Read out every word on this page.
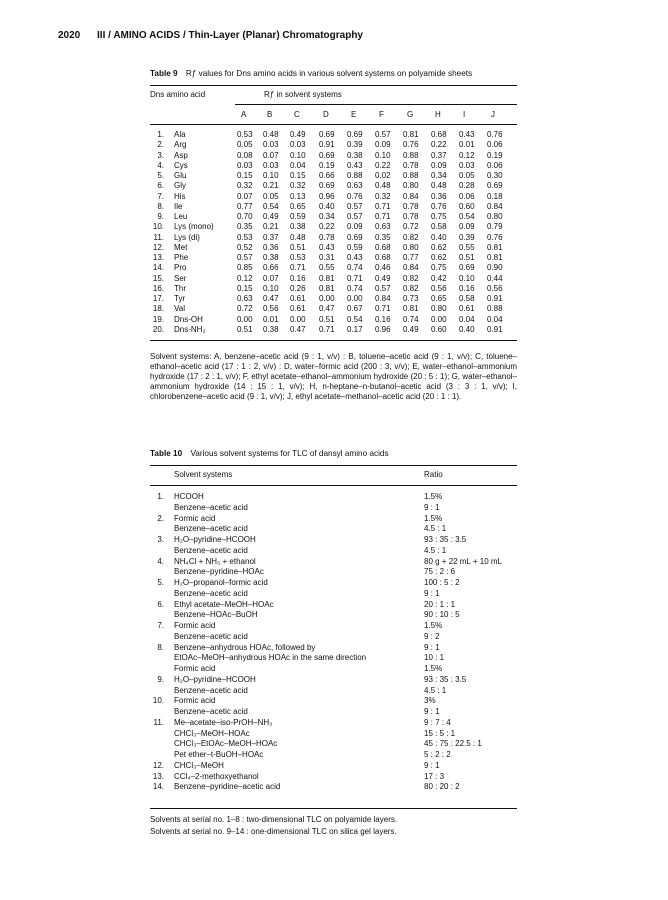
2020 III / AMINO ACIDS / Thin-Layer (Planar) Chromatography
Table 9 Rƒ values for Dns amino acids in various solvent systems on polyamide sheets
Dns amino acid	Rƒ in solvent systems
A	B	C	D	E	F	G	H	I	J
1. Ala	0.53 0.48 0.49 0.69 0.69 0.57 0.81 0.68 0.43 0.76
2. Arg	0.05 0.03 0.03 0.91 0.39 0.09 0.76 0.22 0.01 0.06
3. Asp	0.08 0.07 0.10 0.69 0.38 0.10 0.88 0.37 0.12 0.19
4. Cys	0.03 0.03 0.04 0.19 0.43 0.22 0.78 0.09 0.03 0.06
5. Glu	0.15 0.10 0.15 0.66 0.88 0.02 0.88 0.34 0.05 0.30
6. Gly	0.32 0.21 0.32 0.69 0.63 0.48 0.80 0.48 0.28 0.69
7. His	0.07 0.05 0.13 0.96 0.76 0.32 0.84 0.36 0.06 0.18
8. Ile	0.77 0.54 0.65 0.40 0.57 0.71 0.78 0.76 0.60 0.84
9. Leu	0.70 0.49 0.59 0.34 0.57 0.71 0.78 0.75 0.54 0.80
10. Lys (mono)	0.35 0.21 0.38 0.22 0.09 0.63 0.72 0.58 0.09 0.79
11. Lys (di)	0.53 0.37 0.48 0.78 0.69 0.35 0.82 0.40 0.39 0.76
12. Met	0.52 0.36 0.51 0.43 0.59 0.68 0.80 0.62 0.55 0.81
13. Phe	0.57 0.38 0.53 0.31 0.43 0.68 0.77 0.62 0.51 0.81
14. Pro	0.85 0.66 0.71 0.55 0.74 0.46 0.84 0.75 0.69 0.90
15. Ser	0.12 0.07 0.16 0.81 0.71 0.49 0.82 0.42 0.10 0.44
16. Thr	0.15 0.10 0.26 0.81 0.74 0.57 0.82 0.56 0.16 0.56
17. Tyr	0.63 0.47 0.61 0.00 0.00 0.84 0.73 0.65 0.58 0.91
18. Val	0.72 0.56 0.61 0.47 0.67 0.71 0.81 0.80 0.61 0.88
19. Dns-OH	0.00 0.01 0.00 0.51 0.54 0.16 0.74 0.00 0.04 0.04
20. Dns-NH₂	0.51 0.38 0.47 0.71 0.17 0.96 0.49 0.60 0.40 0.91
Solvent systems: A, benzene–acetic acid (9 : 1, v/v) : B, toluene–acetic acid (9 : 1, v/v); C, toluene–ethanol–acetic acid (17 : 1 : 2, v/v) : D, water–formic acid (200 : 3, v/v); E, water–ethanol–ammonium hydroxide (17 : 2 : 1, v/v); F, ethyl acetate–ethanol–ammonium hydroxide (20 : 5 : 1); G, water–ethanol–ammonium hydroxide (14 : 15 : 1, v/v); H, n-heptane–n-butanol–acetic acid (3 : 3 : 1, v/v); I, chlorobenzene–acetic acid (9 : 1, v/v); J, ethyl acetate–methanol–acetic acid (20 : 1 : 1).
Table 10 Various solvent systems for TLC of dansyl amino acids
Solvent systems	Ratio
1. HCOOH	1.5%
Benzene–acetic acid	9 : 1
2. Formic acid	1.5%
Benzene–acetic acid	4.5 : 1
3. H₂O–pyridine–HCOOH	93 : 35 : 3.5
Benzene–acetic acid	4.5 : 1
4. NH₄Cl + NH₃ + ethanol	80 g + 22 mL + 10 mL
Benzene–pyridine–HOAc	75 : 2 : 6
5. H₂O–propanol–formic acid	100 : 5 : 2
Benzene–acetic acid	9 : 1
6. Ethyl acetate–MeOH–HOAc	20 : 1 : 1
Benzene–HOAc–BuOH	90 : 10 : 5
7. Formic acid	1.5%
Benzene–acetic acid	9 : 2
8. Benzene–anhydrous HOAc, followed by	9 : 1
EtOAc–MeOH–anhydrous HOAc in the same direction	10 : 1
Formic acid	1.5%
9. H₂O–pyridine–HCOOH	93 : 35 : 3.5
Benzene–acetic acid	4.5 : 1
10. Formic acid	3%
Benzene–acetic acid	9 : 1
11. Me–acetate–iso-PrOH–NH₃	9 : 7 : 4
CHCl₃–MeOH–HOAc	15 : 5 : 1
CHCl₃–EtOAc–MeOH–HOAc	45 : 75 : 22.5 : 1
Pet ether–t-BuOH–HOAc	5 : 2 : 2
12. CHCl₃–MeOH	9 : 1
13. CCl₄–2-methoxyethanol	17 : 3
14. Benzene–pyridine–acetic acid	80 : 20 : 2
Solvents at serial no. 1–8 : two-dimensional TLC on polyamide layers.
Solvents at serial no. 9–14 : one-dimensional TLC on silica gel layers.
